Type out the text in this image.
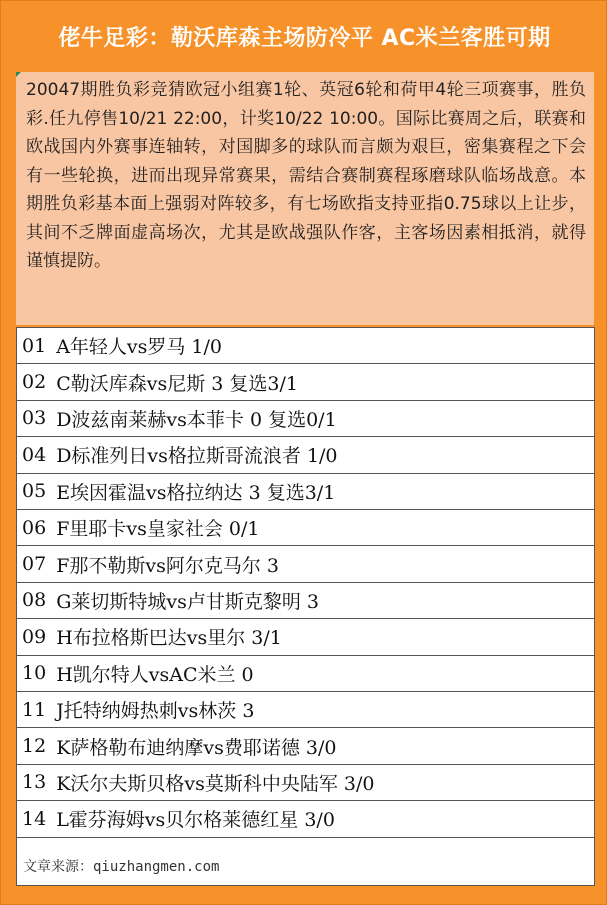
佬牛足彩：勒沃库森主场防冷平 AC米兰客胜可期
20047期胜负彩竞猜欧冠小组赛1轮、英冠6轮和荷甲4轮三项赛事，胜负彩.任九停售10/21 22:00，计奖10/22 10:00。国际比赛周之后，联赛和欧战国内外赛事连轴转，对国脚多的球队而言颇为艰巨，密集赛程之下会有一些轮换，进而出现异常赛果，需结合赛制赛程琢磨球队临场战意。本期胜负彩基本面上强弱对阵较多，有七场欧指支持亚指0.75球以上让步，其间不乏牌面虚高场次，尤其是欧战强队作客，主客场因素相抵消，就得谨慎提防。
01 A年轻人vs罗马 1/0
02 C勒沃库森vs尼斯 3 复选3/1
03 D波兹南莱赫vs本菲卡 0 复选0/1
04 D标准列日vs格拉斯哥流浪者 1/0
05 E埃因霍温vs格拉纳达 3 复选3/1
06 F里耶卡vs皇家社会 0/1
07 F那不勒斯vs阿尔克马尔 3
08 G莱切斯特城vs卢甘斯克黎明 3
09 H布拉格斯巴达vs里尔 3/1
10 H凯尔特人vsAC米兰 0
11 J托特纳姆热刺vs林茨 3
12 K萨格勒布迪纳摩vs费耶诺德 3/0
13 K沃尔夫斯贝格vs莫斯科中央陆军 3/0
14 L霍芬海姆vs贝尔格莱德红星 3/0
文章来源：qiuzhangmen.com
